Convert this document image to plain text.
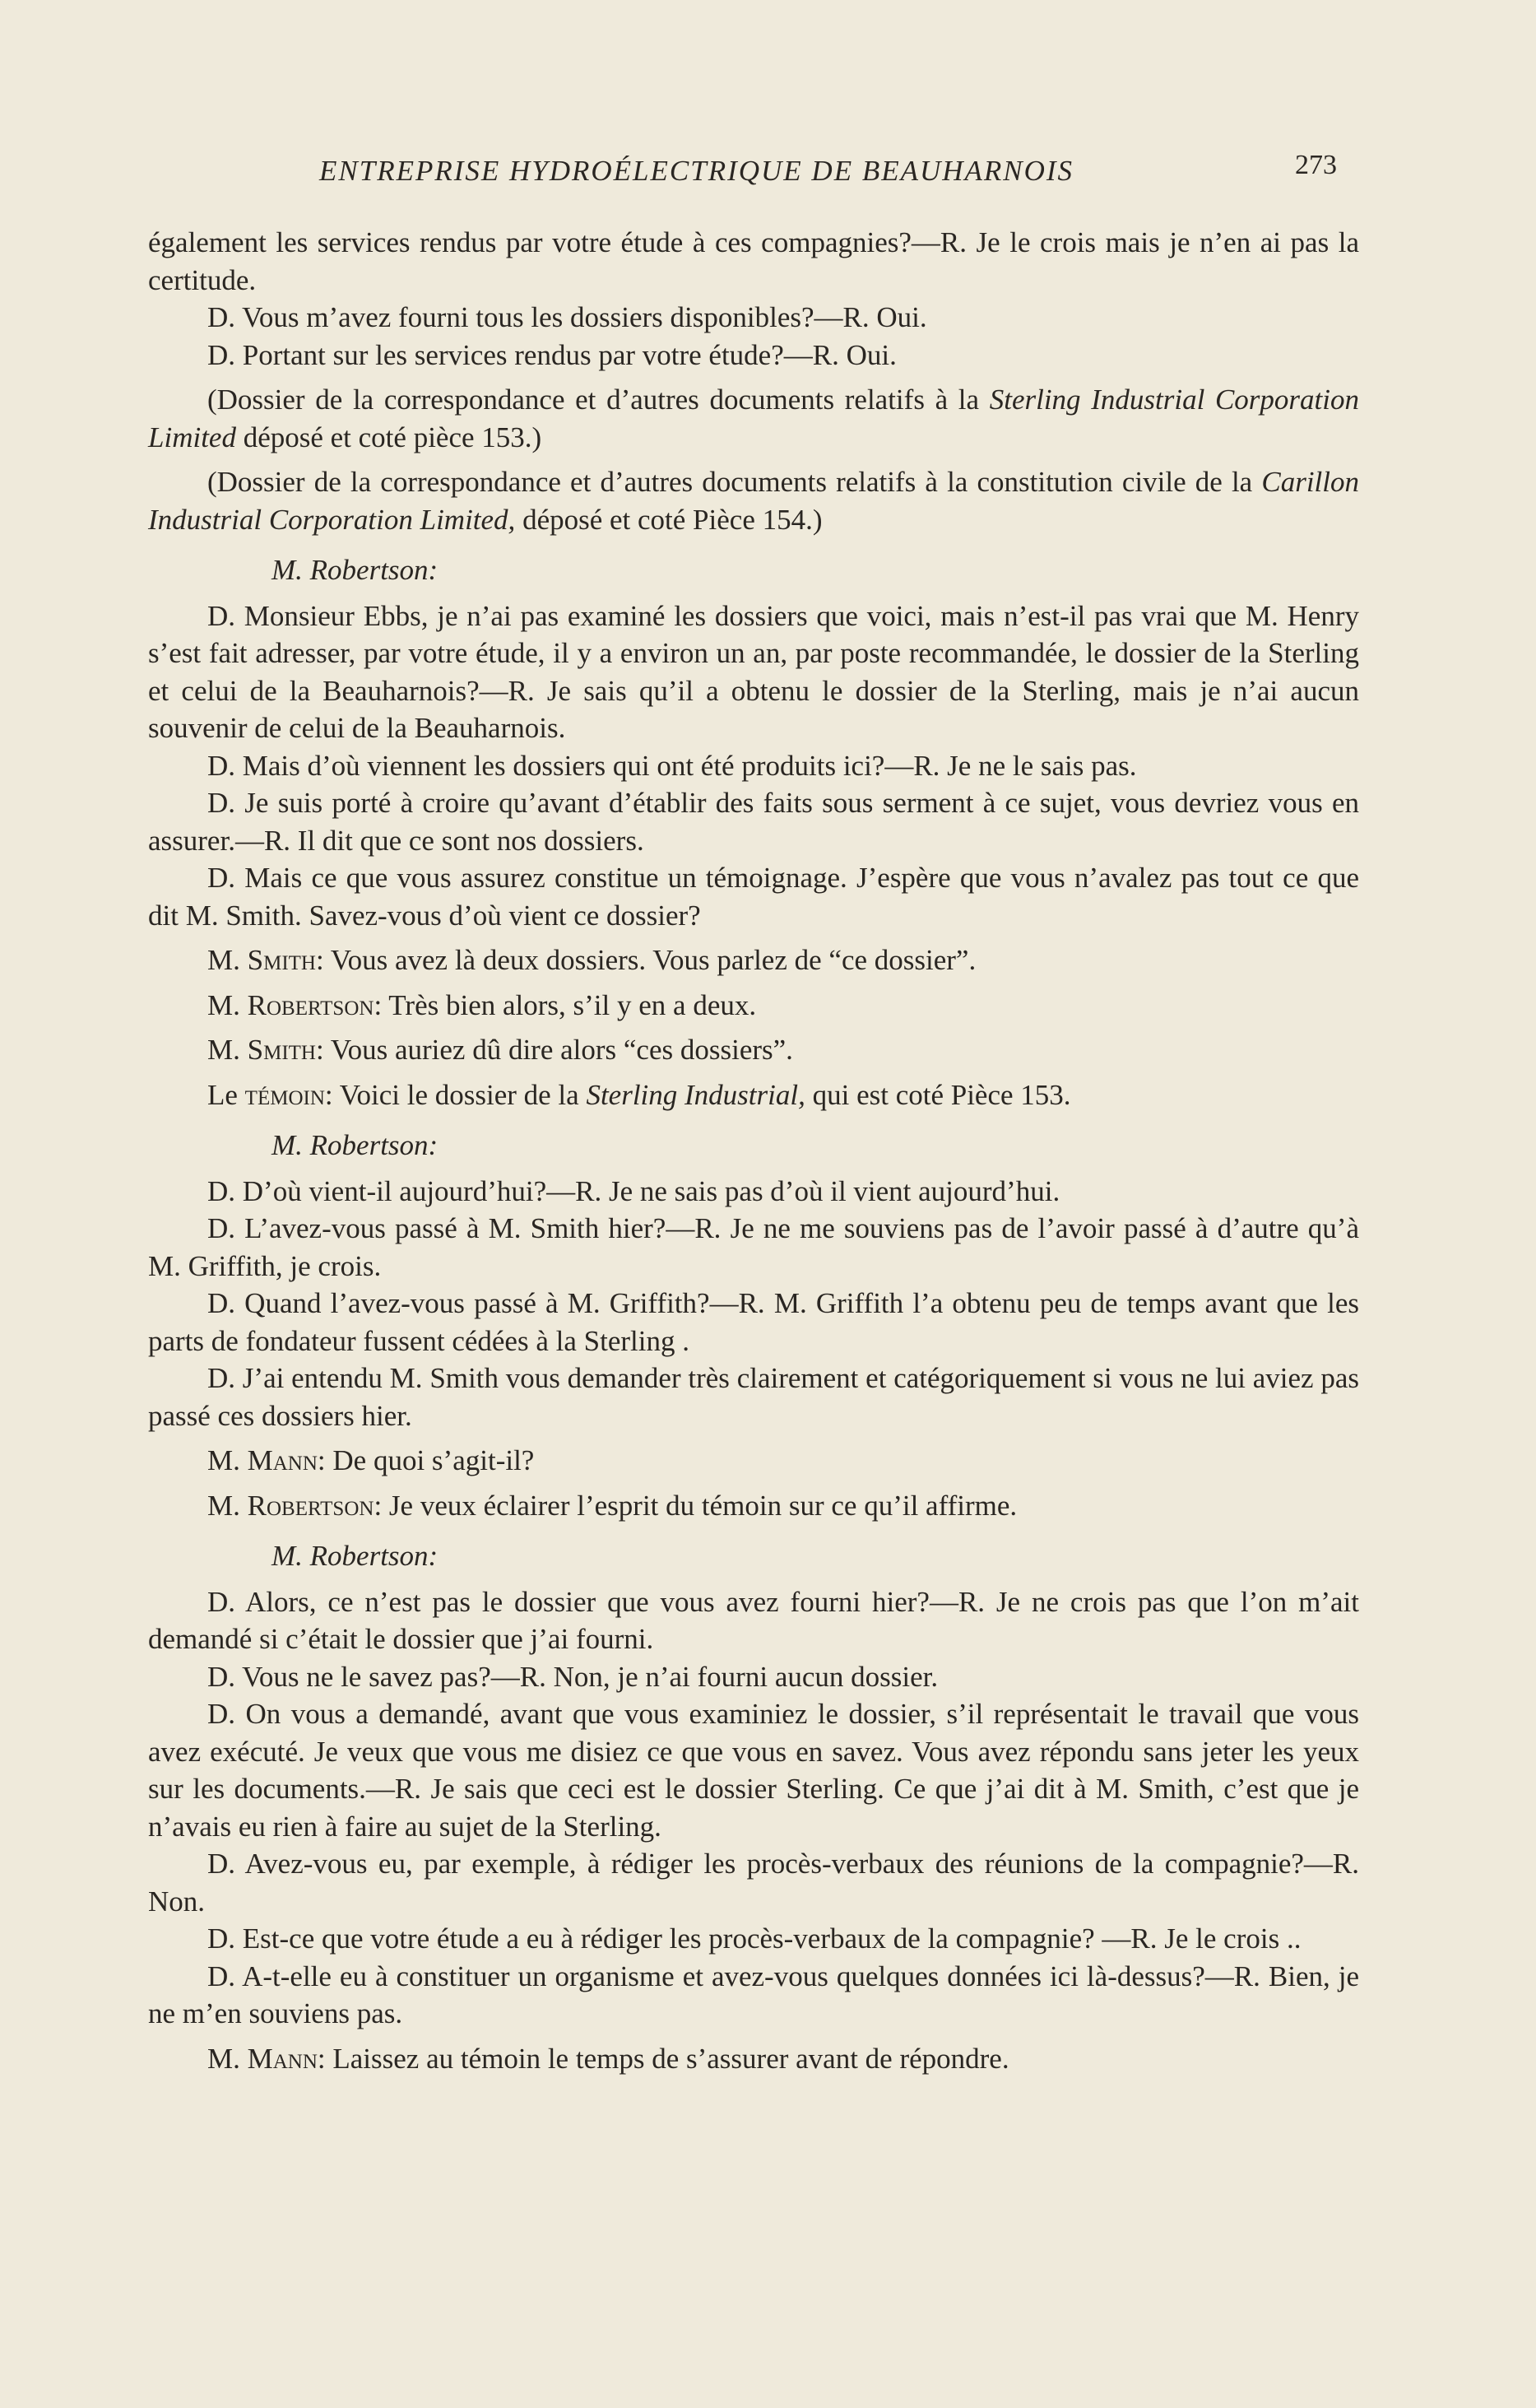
ENTREPRISE HYDROÉLECTRIQUE DE BEAUHARNOIS	273

également les services rendus par votre étude à ces compagnies?—R. Je le crois mais je n’en ai pas la certitude.

D. Vous m’avez fourni tous les dossiers disponibles?—R. Oui.

D. Portant sur les services rendus par votre étude?—R. Oui.

(Dossier de la correspondance et d’autres documents relatifs à la Sterling Industrial Corporation Limited déposé et coté pièce 153.)

(Dossier de la correspondance et d’autres documents relatifs à la constitution civile de la Carillon Industrial Corporation Limited, déposé et coté Pièce 154.)

M. Robertson:

D. Monsieur Ebbs, je n’ai pas examiné les dossiers que voici, mais n’est-il pas vrai que M. Henry s’est fait adresser, par votre étude, il y a environ un an, par poste recommandée, le dossier de la Sterling et celui de la Beauharnois?—R. Je sais qu’il a obtenu le dossier de la Sterling, mais je n’ai aucun souvenir de celui de la Beauharnois.

D. Mais d’où viennent les dossiers qui ont été produits ici?—R. Je ne le sais pas.

D. Je suis porté à croire qu’avant d’établir des faits sous serment à ce sujet, vous devriez vous en assurer.—R. Il dit que ce sont nos dossiers.

D. Mais ce que vous assurez constitue un témoignage. J’espère que vous n’avalez pas tout ce que dit M. Smith. Savez-vous d’où vient ce dossier?

M. Smith: Vous avez là deux dossiers. Vous parlez de “ce dossier”.

M. Robertson: Très bien alors, s’il y en a deux.

M. Smith: Vous auriez dû dire alors “ces dossiers”.

Le témoin: Voici le dossier de la Sterling Industrial, qui est coté Pièce 153.

M. Robertson:

D. D’où vient-il aujourd’hui?—R. Je ne sais pas d’où il vient aujourd’hui.

D. L’avez-vous passé à M. Smith hier?—R. Je ne me souviens pas de l’avoir passé à d’autre qu’à M. Griffith, je crois.

D. Quand l’avez-vous passé à M. Griffith?—R. M. Griffith l’a obtenu peu de temps avant que les parts de fondateur fussent cédées à la Sterling .

D. J’ai entendu M. Smith vous demander très clairement et catégoriquement si vous ne lui aviez pas passé ces dossiers hier.

M. Mann: De quoi s’agit-il?

M. Robertson: Je veux éclairer l’esprit du témoin sur ce qu’il affirme.

M. Robertson:

D. Alors, ce n’est pas le dossier que vous avez fourni hier?—R. Je ne crois pas que l’on m’ait demandé si c’était le dossier que j’ai fourni.

D. Vous ne le savez pas?—R. Non, je n’ai fourni aucun dossier.

D. On vous a demandé, avant que vous examiniez le dossier, s’il représentait le travail que vous avez exécuté. Je veux que vous me disiez ce que vous en savez. Vous avez répondu sans jeter les yeux sur les documents.—R. Je sais que ceci est le dossier Sterling. Ce que j’ai dit à M. Smith, c’est que je n’avais eu rien à faire au sujet de la Sterling.

D. Avez-vous eu, par exemple, à rédiger les procès-verbaux des réunions de la compagnie?—R. Non.

D. Est-ce que votre étude a eu à rédiger les procès-verbaux de la compagnie? —R. Je le crois ..

D. A-t-elle eu à constituer un organisme et avez-vous quelques données ici là-dessus?—R. Bien, je ne m’en souviens pas.

M. Mann: Laissez au témoin le temps de s’assurer avant de répondre.
